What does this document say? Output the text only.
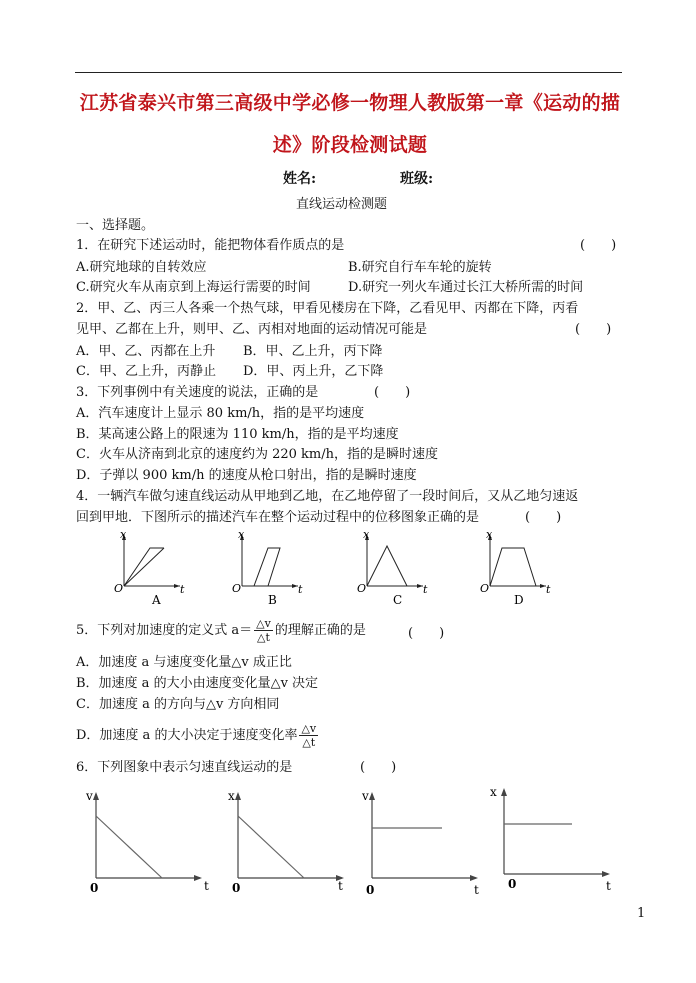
江苏省泰兴市第三高级中学必修一物理人教版第一章《运动的描
述》阶段检测试题
姓名:	班级:
直线运动检测题
一、选择题。
1．在研究下述运动时，能把物体看作质点的是	(　　)
A.研究地球的自转效应	B.研究自行车车轮的旋转
C.研究火车从南京到上海运行需要的时间	D.研究一列火车通过长江大桥所需的时间
2．甲、乙、丙三人各乘一个热气球，甲看见楼房在下降，乙看见甲、丙都在下降，丙看
见甲、乙都在上升，则甲、乙、丙相对地面的运动情况可能是	(　　)
A．甲、乙、丙都在上升 B．甲、乙上升，丙下降
C．甲、乙上升，丙静止 D．甲、丙上升，乙下降
3．下列事例中有关速度的说法，正确的是	(　　)
A．汽车速度计上显示 80 km/h，指的是平均速度
B．某高速公路上的限速为 110 km/h，指的是平均速度
C．火车从济南到北京的速度约为 220 km/h，指的是瞬时速度
D．子弹以 900 km/h 的速度从枪口射出，指的是瞬时速度
4．一辆汽车做匀速直线运动从甲地到乙地，在乙地停留了一段时间后，又从乙地匀速返
回到甲地．下图所示的描述汽车在整个运动过程中的位移图象正确的是	(　　)
x
t
O
A
x
t
O
B
x
t
O
C
x
t
O
D
5．下列对加速度的定义式 $a= \frac{\triangle v}{\triangle t}$ 的理解正确的是	(　　)
A．加速度 a 与速度变化量△v 成正比
B．加速度 a 的大小由速度变化量△v 决定
C．加速度 a 的方向与△v 方向相同
D．加速度 a 的大小决定于速度变化率 $\frac{\triangle v}{\triangle t}$
6．下列图象中表示匀速直线运动的是	(　　)
v
t
0
x
t
0
v
t
0
x
t
0
1
